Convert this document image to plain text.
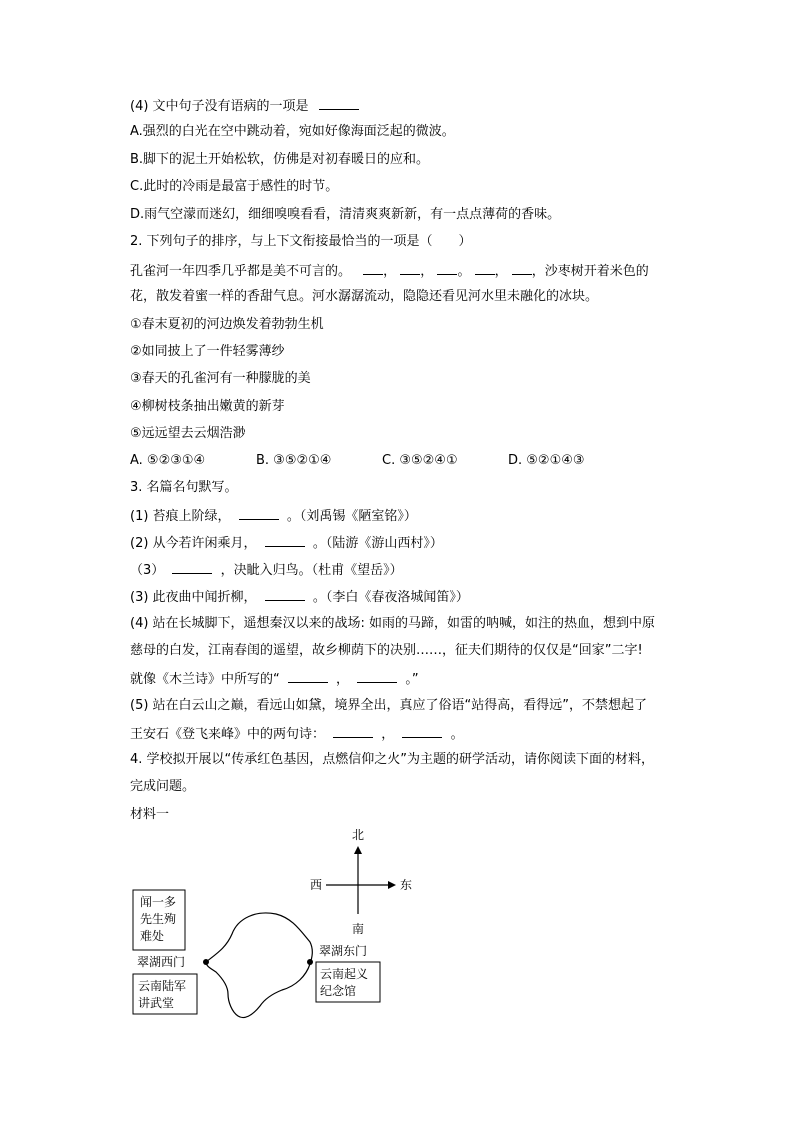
(4) 文中句子没有语病的一项是
A.强烈的白光在空中跳动着，宛如好像海面泛起的微波。
B.脚下的泥土开始松软，仿佛是对初春暖日的应和。
C.此时的冷雨是最富于感性的时节。
D.雨气空濛而迷幻，细细嗅嗅看看，清清爽爽新新，有一点点薄荷的香味。
2. 下列句子的排序，与上下文衔接最恰当的一项是（　　）
孔雀河一年四季几乎都是美不可言的。 ， ， 。 ， ，沙枣树开着米色的
花，散发着蜜一样的香甜气息。河水潺潺流动，隐隐还看见河水里未融化的冰块。
①春末夏初的河边焕发着勃勃生机
②如同披上了一件轻雾薄纱
③春天的孔雀河有一种朦胧的美
④柳树枝条抽出嫩黄的新芽
⑤远远望去云烟浩渺
A. ⑤②③①④	B. ③⑤②①④	C. ③⑤②④①	D. ⑤②①④③
3. 名篇名句默写。
(1) 苔痕上阶绿，	。（刘禹锡《陋室铭》）
(2) 从今若许闲乘月，	。（陆游《游山西村》）
（3）	，决眦入归鸟。（杜甫《望岳》）
(3) 此夜曲中闻折柳，	。（李白《春夜洛城闻笛》）
(4) 站在长城脚下，遥想秦汉以来的战场: 如雨的马蹄，如雷的呐喊，如注的热血，想到中原
慈母的白发，江南春闺的遥望，故乡柳荫下的决别……，征夫们期待的仅仅是“回家”二字!
就像《木兰诗》中所写的“	，	。”
(5) 站在白云山之巅，看远山如黛，境界全出，真应了俗语“站得高，看得远”，不禁想起了
王安石《登飞来峰》中的两句诗：	，	。
4. 学校拟开展以“传承红色基因，点燃信仰之火”为主题的研学活动，请你阅读下面的材料，
完成问题。
材料一
北
南
西	东
闻一多
先生殉
难处
翠湖西门
云南陆军
讲武堂
翠湖东门
云南起义
纪念馆
